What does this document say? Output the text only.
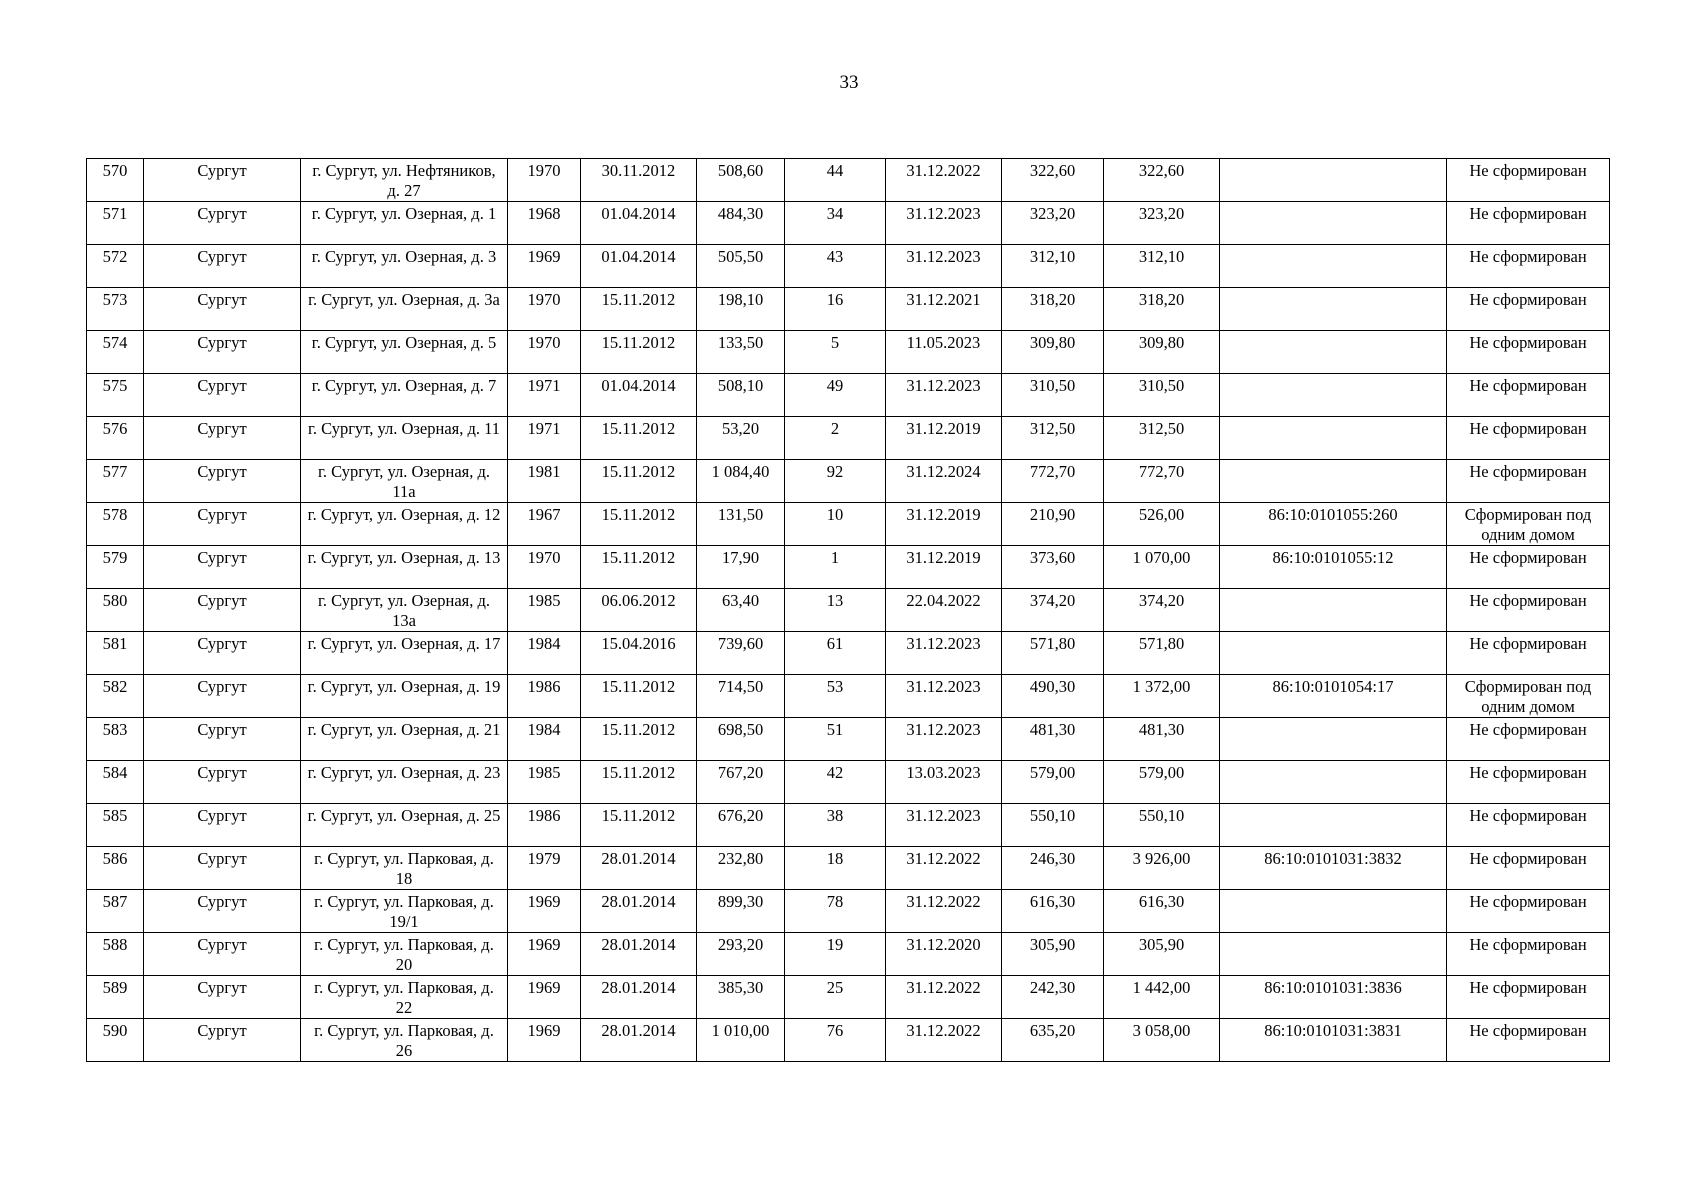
33
570	Сургут	г. Сургут, ул. Нефтяников, д. 27	1970	30.11.2012	508,60	44	31.12.2022	322,60	322,60		Не сформирован
571	Сургут	г. Сургут, ул. Озерная, д. 1	1968	01.04.2014	484,30	34	31.12.2023	323,20	323,20		Не сформирован
572	Сургут	г. Сургут, ул. Озерная, д. 3	1969	01.04.2014	505,50	43	31.12.2023	312,10	312,10		Не сформирован
573	Сургут	г. Сургут, ул. Озерная, д. 3а	1970	15.11.2012	198,10	16	31.12.2021	318,20	318,20		Не сформирован
574	Сургут	г. Сургут, ул. Озерная, д. 5	1970	15.11.2012	133,50	5	11.05.2023	309,80	309,80		Не сформирован
575	Сургут	г. Сургут, ул. Озерная, д. 7	1971	01.04.2014	508,10	49	31.12.2023	310,50	310,50		Не сформирован
576	Сургут	г. Сургут, ул. Озерная, д. 11	1971	15.11.2012	53,20	2	31.12.2019	312,50	312,50		Не сформирован
577	Сургут	г. Сургут, ул. Озерная, д. 11а	1981	15.11.2012	1 084,40	92	31.12.2024	772,70	772,70		Не сформирован
578	Сургут	г. Сургут, ул. Озерная, д. 12	1967	15.11.2012	131,50	10	31.12.2019	210,90	526,00	86:10:0101055:260	Сформирован под одним домом
579	Сургут	г. Сургут, ул. Озерная, д. 13	1970	15.11.2012	17,90	1	31.12.2019	373,60	1 070,00	86:10:0101055:12	Не сформирован
580	Сургут	г. Сургут, ул. Озерная, д. 13а	1985	06.06.2012	63,40	13	22.04.2022	374,20	374,20		Не сформирован
581	Сургут	г. Сургут, ул. Озерная, д. 17	1984	15.04.2016	739,60	61	31.12.2023	571,80	571,80		Не сформирован
582	Сургут	г. Сургут, ул. Озерная, д. 19	1986	15.11.2012	714,50	53	31.12.2023	490,30	1 372,00	86:10:0101054:17	Сформирован под одним домом
583	Сургут	г. Сургут, ул. Озерная, д. 21	1984	15.11.2012	698,50	51	31.12.2023	481,30	481,30		Не сформирован
584	Сургут	г. Сургут, ул. Озерная, д. 23	1985	15.11.2012	767,20	42	13.03.2023	579,00	579,00		Не сформирован
585	Сургут	г. Сургут, ул. Озерная, д. 25	1986	15.11.2012	676,20	38	31.12.2023	550,10	550,10		Не сформирован
586	Сургут	г. Сургут, ул. Парковая, д. 18	1979	28.01.2014	232,80	18	31.12.2022	246,30	3 926,00	86:10:0101031:3832	Не сформирован
587	Сургут	г. Сургут, ул. Парковая, д. 19/1	1969	28.01.2014	899,30	78	31.12.2022	616,30	616,30		Не сформирован
588	Сургут	г. Сургут, ул. Парковая, д. 20	1969	28.01.2014	293,20	19	31.12.2020	305,90	305,90		Не сформирован
589	Сургут	г. Сургут, ул. Парковая, д. 22	1969	28.01.2014	385,30	25	31.12.2022	242,30	1 442,00	86:10:0101031:3836	Не сформирован
590	Сургут	г. Сургут, ул. Парковая, д. 26	1969	28.01.2014	1 010,00	76	31.12.2022	635,20	3 058,00	86:10:0101031:3831	Не сформирован
